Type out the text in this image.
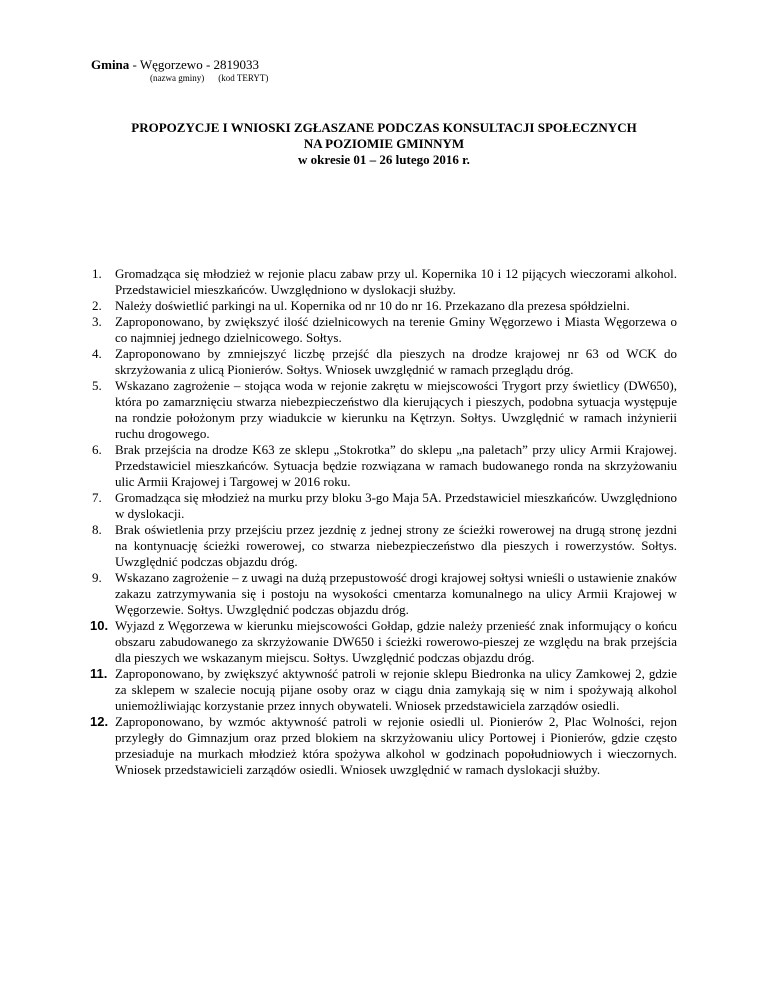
Gmina - Węgorzewo - 2819033
(nazwa gminy) (kod TERYT)
PROPOZYCJE I WNIOSKI ZGŁASZANE PODCZAS KONSULTACJI SPOŁECZNYCH
NA POZIOMIE GMINNYM
w okresie 01 – 26 lutego 2016 r.
1. Gromadząca się młodzież w rejonie placu zabaw przy ul. Kopernika 10 i 12 pijących wieczorami alkohol. Przedstawiciel mieszkańców. Uwzględniono w dyslokacji służby.
2. Należy doświetlić parkingi na ul. Kopernika od nr 10 do nr 16. Przekazano dla prezesa spółdzielni.
3. Zaproponowano, by zwiększyć ilość dzielnicowych na terenie Gminy Węgorzewo i Miasta Węgorzewa o co najmniej jednego dzielnicowego. Sołtys.
4. Zaproponowano by zmniejszyć liczbę przejść dla pieszych na drodze krajowej nr 63 od WCK do skrzyżowania z ulicą Pionierów. Sołtys. Wniosek uwzględnić w ramach przeglądu dróg.
5. Wskazano zagrożenie – stojąca woda w rejonie zakrętu w miejscowości Trygort przy świetlicy (DW650), która po zamarznięciu stwarza niebezpieczeństwo dla kierujących i pieszych, podobna sytuacja występuje na rondzie położonym przy wiadukcie w kierunku na Kętrzyn. Sołtys. Uwzględnić w ramach inżynierii ruchu drogowego.
6. Brak przejścia na drodze K63 ze sklepu „Stokrotka” do sklepu „na paletach” przy ulicy Armii Krajowej. Przedstawiciel mieszkańców. Sytuacja będzie rozwiązana w ramach budowanego ronda na skrzyżowaniu ulic Armii Krajowej i Targowej w 2016 roku.
7. Gromadząca się młodzież na murku przy bloku 3-go Maja 5A. Przedstawiciel mieszkańców. Uwzględniono w dyslokacji.
8. Brak oświetlenia przy przejściu przez jezdnię z jednej strony ze ścieżki rowerowej na drugą stronę jezdni na kontynuację ścieżki rowerowej, co stwarza niebezpieczeństwo dla pieszych i rowerzystów. Sołtys. Uwzględnić podczas objazdu dróg.
9. Wskazano zagrożenie – z uwagi na dużą przepustowość drogi krajowej sołtysi wnieśli o ustawienie znaków zakazu zatrzymywania się i postoju na wysokości cmentarza komunalnego na ulicy Armii Krajowej w Węgorzewie. Sołtys. Uwzględnić podczas objazdu dróg.
10. Wyjazd z Węgorzewa w kierunku miejscowości Gołdap, gdzie należy przenieść znak informujący o końcu obszaru zabudowanego za skrzyżowanie DW650 i ścieżki rowerowo-pieszej ze względu na brak przejścia dla pieszych we wskazanym miejscu. Sołtys. Uwzględnić podczas objazdu dróg.
11. Zaproponowano, by zwiększyć aktywność patroli w rejonie sklepu Biedronka na ulicy Zamkowej 2, gdzie za sklepem w szalecie nocują pijane osoby oraz w ciągu dnia zamykają się w nim i spożywają alkohol uniemożliwiając korzystanie przez innych obywateli. Wniosek przedstawiciela zarządów osiedli.
12. Zaproponowano, by wzmóc aktywność patroli w rejonie osiedli ul. Pionierów 2, Plac Wolności, rejon przyległy do Gimnazjum oraz przed blokiem na skrzyżowaniu ulicy Portowej i Pionierów, gdzie często przesiaduje na murkach młodzież która spożywa alkohol w godzinach popołudniowych i wieczornych. Wniosek przedstawicieli zarządów osiedli. Wniosek uwzględnić w ramach dyslokacji służby.
